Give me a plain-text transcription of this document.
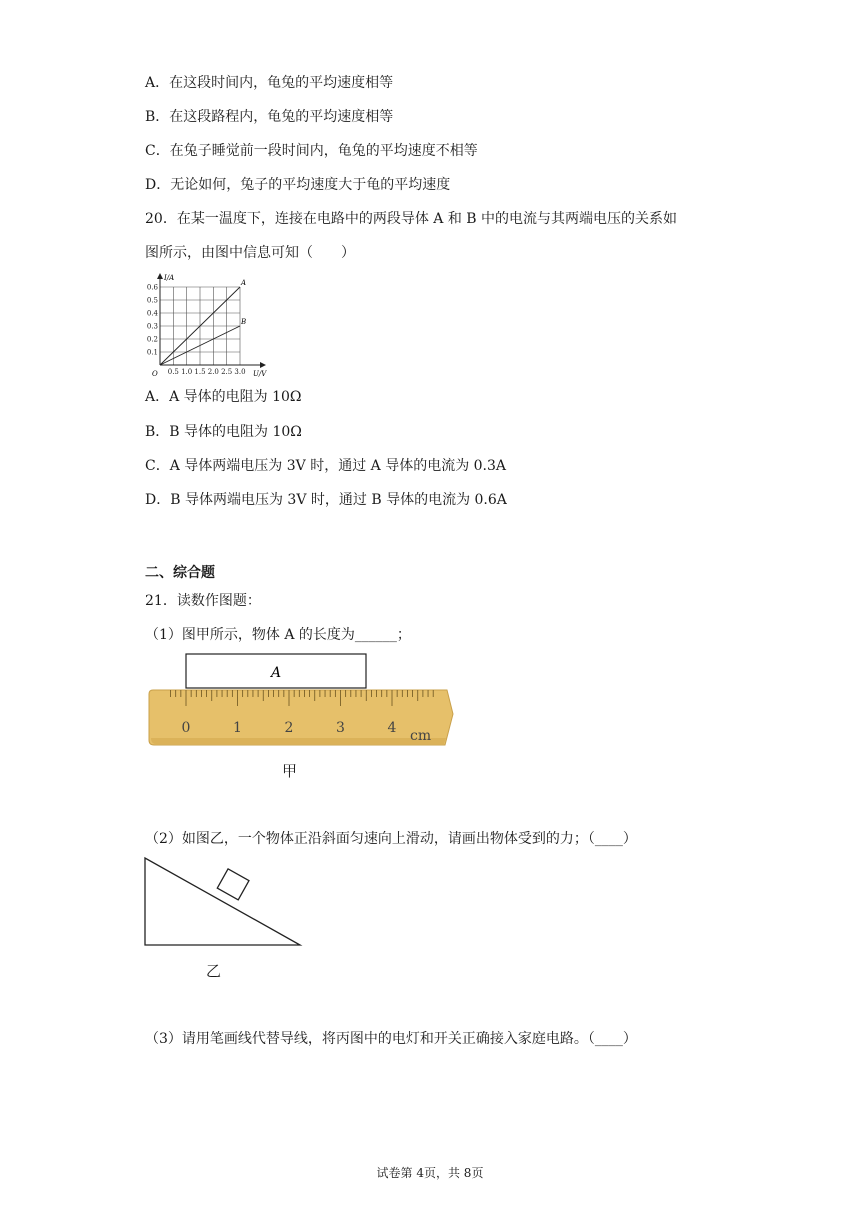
A．在这段时间内，龟兔的平均速度相等
B．在这段路程内，龟兔的平均速度相等
C．在兔子睡觉前一段时间内，龟兔的平均速度不相等
D．无论如何，兔子的平均速度大于龟的平均速度
20．在某一温度下，连接在电路中的两段导体 A 和 B 中的电流与其两端电压的关系如
图所示，由图中信息可知（　　）
A
B
0.5 1.0 1.5 2.0 2.5 3.0
0.1
0.2
0.3
0.4
0.5
0.6
I/A
U/V
O
A．A 导体的电阻为 10Ω
B．B 导体的电阻为 10Ω
C．A 导体两端电压为 3V 时，通过 A 导体的电流为 0.3A
D．B 导体两端电压为 3V 时，通过 B 导体的电流为 0.6A
二、综合题
21．读数作图题：
（1）图甲所示，物体 A 的长度为______；
A
0	1	2	3	4 cm
甲
（2）如图乙，一个物体正沿斜面匀速向上滑动，请画出物体受到的力；（____）
乙
（3）请用笔画线代替导线，将丙图中的电灯和开关正确接入家庭电路。（____）
试卷第 4页，共 8页
